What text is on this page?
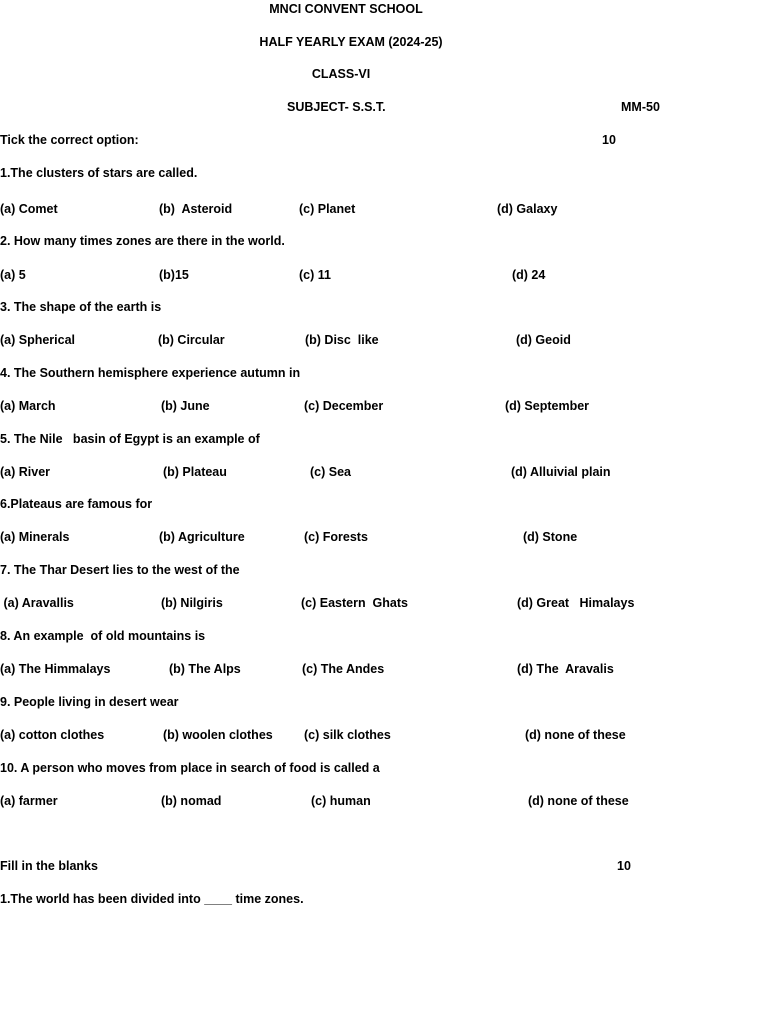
MNCI CONVENT SCHOOL
HALF YEARLY EXAM (2024-25)
CLASS-VI
SUBJECT- S.S.T.	MM-50
Tick the correct option:	10
1.The clusters of stars are called.
(a) Comet	(b)  Asteroid	(c) Planet	(d) Galaxy
2. How many times zones are there in the world.
(a) 5	(b)15	(c) 11	(d) 24
3. The shape of the earth is
(a) Spherical	(b) Circular	(b) Disc  like	(d) Geoid
4. The Southern hemisphere experience autumn in
(a) March	(b) June	(c) December	(d) September
5. The Nile   basin of Egypt is an example of
(a) River	(b) Plateau	(c) Sea	(d) Alluivial plain
6.Plateaus are famous for
(a) Minerals	(b) Agriculture	(c) Forests	(d) Stone
7. The Thar Desert lies to the west of the
(a) Aravallis	(b) Nilgiris	(c) Eastern  Ghats	(d) Great   Himalays
8. An example  of old mountains is
(a) The Himmalays	(b) The Alps	(c) The Andes	(d) The  Aravalis
9. People living in desert wear
(a) cotton clothes	(b) woolen clothes	(c) silk clothes	(d) none of these
10. A person who moves from place in search of food is called a
(a) farmer	(b) nomad	(c) human	(d) none of these
Fill in the blanks	10
1.The world has been divided into ____ time zones.
